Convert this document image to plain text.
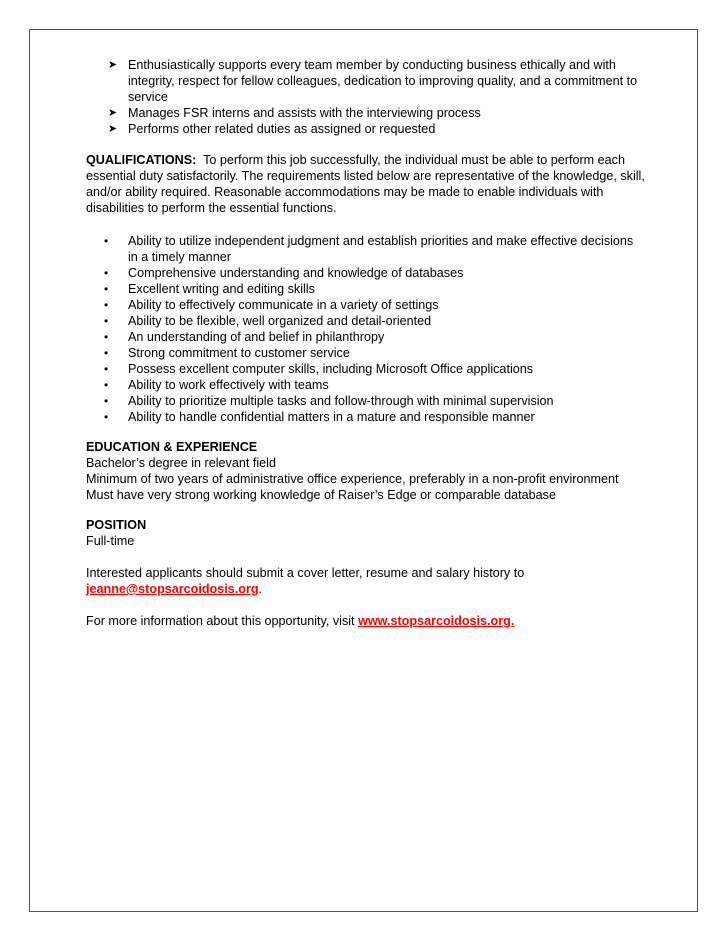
➤ Enthusiastically supports every team member by conducting business ethically and with integrity, respect for fellow colleagues, dedication to improving quality, and a commitment to service
➤ Manages FSR interns and assists with the interviewing process
➤ Performs other related duties as assigned or requested

QUALIFICATIONS: To perform this job successfully, the individual must be able to perform each essential duty satisfactorily. The requirements listed below are representative of the knowledge, skill, and/or ability required. Reasonable accommodations may be made to enable individuals with disabilities to perform the essential functions.

• Ability to utilize independent judgment and establish priorities and make effective decisions in a timely manner
• Comprehensive understanding and knowledge of databases
• Excellent writing and editing skills
• Ability to effectively communicate in a variety of settings
• Ability to be flexible, well organized and detail-oriented
• An understanding of and belief in philanthropy
• Strong commitment to customer service
• Possess excellent computer skills, including Microsoft Office applications
• Ability to work effectively with teams
• Ability to prioritize multiple tasks and follow-through with minimal supervision
• Ability to handle confidential matters in a mature and responsible manner
EDUCATION & EXPERIENCE
Bachelor’s degree in relevant field
Minimum of two years of administrative office experience, preferably in a non-profit environment
Must have very strong working knowledge of Raiser’s Edge or comparable database
POSITION
Full-time
Interested applicants should submit a cover letter, resume and salary history to
jeanne@stopsarcoidosis.org.
For more information about this opportunity, visit www.stopsarcoidosis.org.
